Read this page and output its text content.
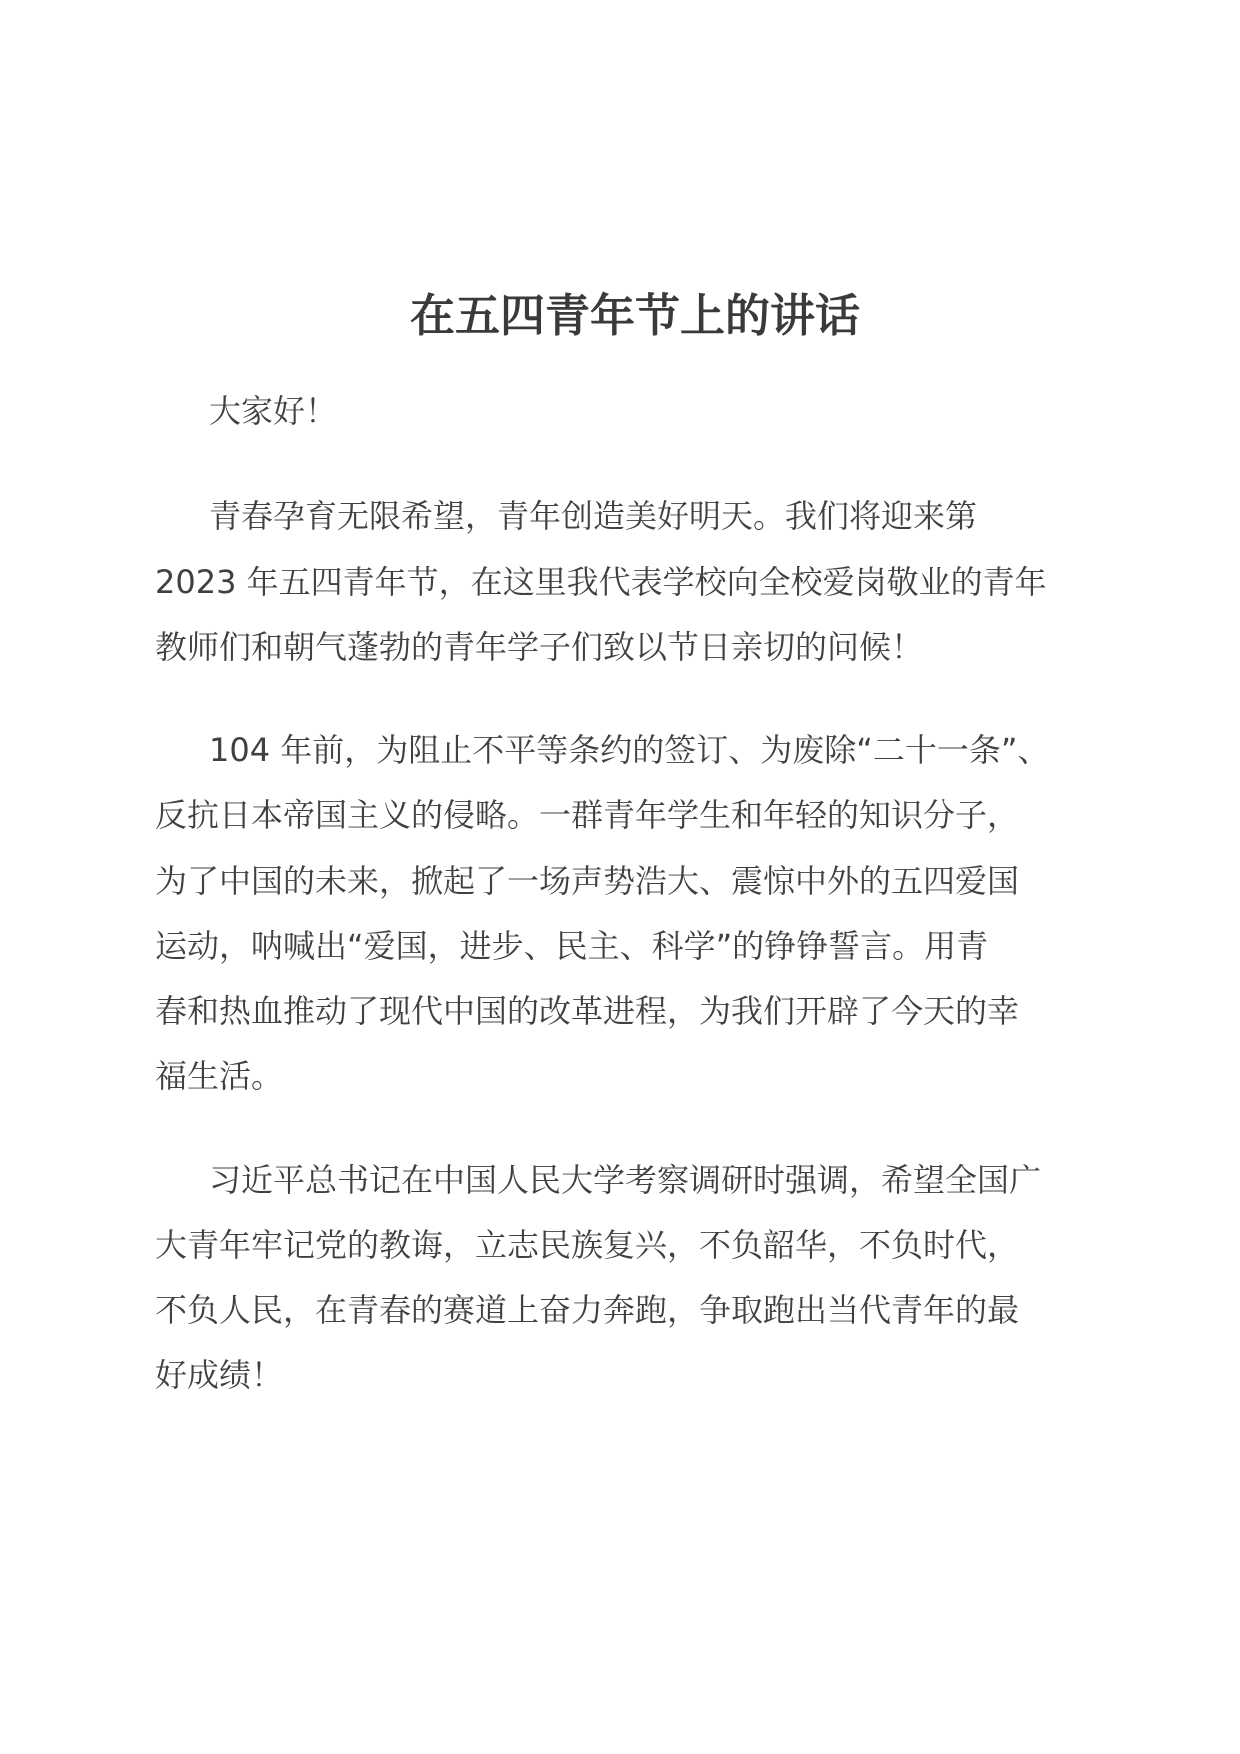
在五四青年节上的讲话
大家好！
青春孕育无限希望，青年创造美好明天。我们将迎来第
2023 年五四青年节，在这里我代表学校向全校爱岗敬业的青年
教师们和朝气蓬勃的青年学子们致以节日亲切的问候！
104 年前，为阻止不平等条约的签订、为废除“二十一条”、
反抗日本帝国主义的侵略。一群青年学生和年轻的知识分子，
为了中国的未来，掀起了一场声势浩大、震惊中外的五四爱国
运动，呐喊出“爱国，进步、民主、科学”的铮铮誓言。用青
春和热血推动了现代中国的改革进程，为我们开辟了今天的幸
福生活。
习近平总书记在中国人民大学考察调研时强调，希望全国广
大青年牢记党的教诲，立志民族复兴，不负韶华，不负时代，
不负人民，在青春的赛道上奋力奔跑，争取跑出当代青年的最
好成绩！
